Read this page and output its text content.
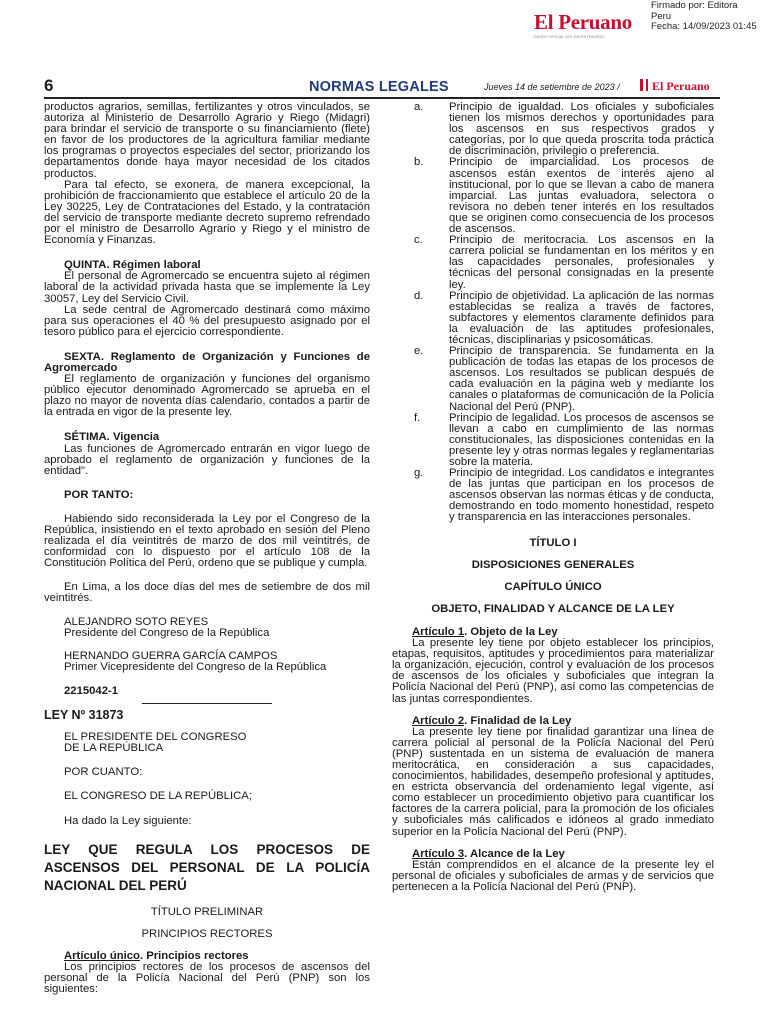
El Peruano
DIARIO OFICIAL DEL BICENTENARIO
Firmado por: Editora
Peru
Fecha: 14/09/2023 01:45
6	NORMAS LEGALES	Jueves 14 de setiembre de 2023 /	El Peruano

productos agrarios, semillas, fertilizantes y otros vinculados, se autoriza al Ministerio de Desarrollo Agrario y Riego (Midagri) para brindar el servicio de transporte o su financiamiento (flete) en favor de los productores de la agricultura familiar mediante los programas o proyectos especiales del sector, priorizando los departamentos donde haya mayor necesidad de los citados productos.

Para tal efecto, se exonera, de manera excepcional, la prohibición de fraccionamiento que establece el artículo 20 de la Ley 30225, Ley de Contrataciones del Estado, y la contratación del servicio de transporte mediante decreto supremo refrendado por el ministro de Desarrollo Agrario y Riego y el ministro de Economía y Finanzas.

QUINTA. Régimen laboral

El personal de Agromercado se encuentra sujeto al régimen laboral de la actividad privada hasta que se implemente la Ley 30057, Ley del Servicio Civil.

La sede central de Agromercado destinará como máximo para sus operaciones el 40 % del presupuesto asignado por el tesoro público para el ejercicio correspondiente.

SEXTA. Reglamento de Organización y Funciones de Agromercado

El reglamento de organización y funciones del organismo público ejecutor denominado Agromercado se aprueba en el plazo no mayor de noventa días calendario, contados a partir de la entrada en vigor de la presente ley.

SÉTIMA. Vigencia

Las funciones de Agromercado entrarán en vigor luego de aprobado el reglamento de organización y funciones de la entidad".

POR TANTO:

Habiendo sido reconsiderada la Ley por el Congreso de la República, insistiendo en el texto aprobado en sesión del Pleno realizada el día veintitrés de marzo de dos mil veintitrés, de conformidad con lo dispuesto por el artículo 108 de la Constitución Política del Perú, ordeno que se publique y cumpla.

En Lima, a los doce días del mes de setiembre de dos mil veintitrés.

ALEJANDRO SOTO REYES

Presidente del Congreso de la República

HERNANDO GUERRA GARCÍA CAMPOS

Primer Vicepresidente del Congreso de la República

2215042-1

LEY Nº 31873

EL PRESIDENTE DEL CONGRESO

DE LA REPÚBLICA

POR CUANTO:

EL CONGRESO DE LA REPÚBLICA;

Ha dado la Ley siguiente:

LEY QUE REGULA LOS PROCESOS DE ASCENSOS DEL PERSONAL DE LA POLICÍA NACIONAL DEL PERÚ

TÍTULO PRELIMINAR

PRINCIPIOS RECTORES

Artículo único. Principios rectores

Los principios rectores de los procesos de ascensos del personal de la Policía Nacional del Perú (PNP) son los siguientes:

a. Principio de igualdad. Los oficiales y suboficiales tienen los mismos derechos y oportunidades para los ascensos en sus respectivos grados y categorías, por lo que queda proscrita toda práctica de discriminación, privilegio o preferencia.
b. Principio de imparcialidad. Los procesos de ascensos están exentos de interés ajeno al institucional, por lo que se llevan a cabo de manera imparcial. Las juntas evaluadora, selectora o revisora no deben tener interés en los resultados que se originen como consecuencia de los procesos de ascensos.
c. Principio de meritocracia. Los ascensos en la carrera policial se fundamentan en los méritos y en las capacidades personales, profesionales y técnicas del personal consignadas en la presente ley.
d. Principio de objetividad. La aplicación de las normas establecidas se realiza a través de factores, subfactores y elementos claramente definidos para la evaluación de las aptitudes profesionales, técnicas, disciplinarias y psicosomáticas.
e. Principio de transparencia. Se fundamenta en la publicación de todas las etapas de los procesos de ascensos. Los resultados se publican después de cada evaluación en la página web y mediante los canales o plataformas de comunicación de la Policía Nacional del Perú (PNP).
f.	Principio de legalidad. Los procesos de ascensos se llevan a cabo en cumplimiento de las normas constitucionales, las disposiciones contenidas en la presente ley y otras normas legales y reglamentarias sobre la materia.
g. Principio de integridad. Los candidatos e integrantes de las juntas que participan en los procesos de ascensos observan las normas éticas y de conducta, demostrando en todo momento honestidad, respeto y transparencia en las interacciones personales.

TÍTULO I

DISPOSICIONES GENERALES

CAPÍTULO ÚNICO

OBJETO, FINALIDAD Y ALCANCE DE LA LEY

Artículo 1. Objeto de la Ley

La presente ley tiene por objeto establecer los principios, etapas, requisitos, aptitudes y procedimientos para materializar la organización, ejecución, control y evaluación de los procesos de ascensos de los oficiales y suboficiales que integran la Policía Nacional del Perú (PNP), así como las competencias de las juntas correspondientes.

Artículo 2. Finalidad de la Ley

La presente ley tiene por finalidad garantizar una línea de carrera policial al personal de la Policía Nacional del Perú (PNP) sustentada en un sistema de evaluación de manera meritocrática, en consideración a sus capacidades, conocimientos, habilidades, desempeño profesional y aptitudes, en estricta observancia del ordenamiento legal vigente, así como establecer un procedimiento objetivo para cuantificar los factores de la carrera policial, para la promoción de los oficiales y suboficiales más calificados e idóneos al grado inmediato superior en la Policía Nacional del Perú (PNP).

Artículo 3. Alcance de la Ley

Están comprendidos en el alcance de la presente ley el personal de oficiales y suboficiales de armas y de servicios que pertenecen a la Policía Nacional del Perú (PNP).
